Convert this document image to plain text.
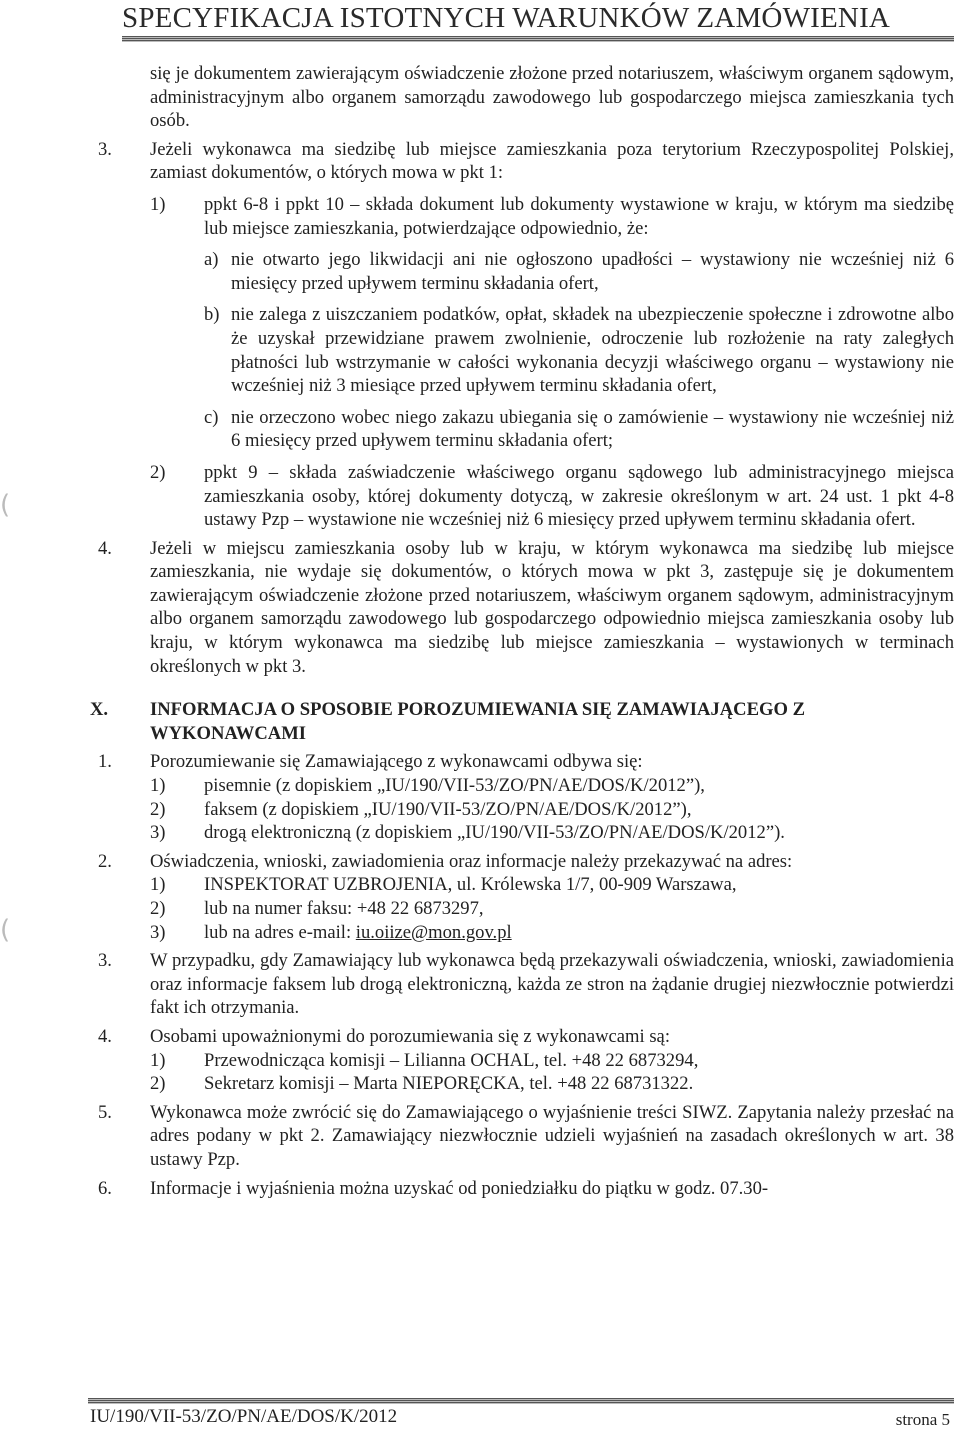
SPECYFIKACJA ISTOTNYCH WARUNKÓW ZAMÓWIENIA
(
(

się je dokumentem zawierającym oświadczenie złożone przed notariuszem, właściwym organem sądowym, administracyjnym albo organem samorządu zawodowego lub gospodarczego miejsca zamieszkania tych osób.

3. Jeżeli wykonawca ma siedzibę lub miejsce zamieszkania poza terytorium Rzeczypospolitej Polskiej, zamiast dokumentów, o których mowa w pkt 1:

1) ppkt 6-8 i ppkt 10 – składa dokument lub dokumenty wystawione w kraju, w którym ma siedzibę lub miejsce zamieszkania, potwierdzające odpowiednio, że:

a) nie otwarto jego likwidacji ani nie ogłoszono upadłości – wystawiony nie wcześniej niż 6 miesięcy przed upływem terminu składania ofert,

b) nie zalega z uiszczaniem podatków, opłat, składek na ubezpieczenie społeczne i zdrowotne albo że uzyskał przewidziane prawem zwolnienie, odroczenie lub rozłożenie na raty zaległych płatności lub wstrzymanie w całości wykonania decyzji właściwego organu – wystawiony nie wcześniej niż 3 miesiące przed upływem terminu składania ofert,

c) nie orzeczono wobec niego zakazu ubiegania się o zamówienie – wystawiony nie wcześniej niż 6 miesięcy przed upływem terminu składania ofert;

2) ppkt 9 – składa zaświadczenie właściwego organu sądowego lub administracyjnego miejsca zamieszkania osoby, której dokumenty dotyczą, w zakresie określonym w art. 24 ust. 1 pkt 4-8 ustawy Pzp – wystawione nie wcześniej niż 6 miesięcy przed upływem terminu składania ofert.

4. Jeżeli w miejscu zamieszkania osoby lub w kraju, w którym wykonawca ma siedzibę lub miejsce zamieszkania, nie wydaje się dokumentów, o których mowa w pkt 3, zastępuje się je dokumentem zawierającym oświadczenie złożone przed notariuszem, właściwym organem sądowym, administracyjnym albo organem samorządu zawodowego lub gospodarczego odpowiednio miejsca zamieszkania osoby lub kraju, w którym wykonawca ma siedzibę lub miejsce zamieszkania – wystawionych w terminach określonych w pkt 3.

X. INFORMACJA O SPOSOBIE POROZUMIEWANIA SIĘ ZAMAWIAJĄCEGO Z WYKONAWCAMI
1. Porozumiewanie się Zamawiającego z wykonawcami odbywa się:

1) pisemnie (z dopiskiem „IU/190/VII-53/ZO/PN/AE/DOS/K/2012”),

2) faksem (z dopiskiem „IU/190/VII-53/ZO/PN/AE/DOS/K/2012”),

3) drogą elektroniczną (z dopiskiem „IU/190/VII-53/ZO/PN/AE/DOS/K/2012”).

2. Oświadczenia, wnioski, zawiadomienia oraz informacje należy przekazywać na adres:

1) INSPEKTORAT UZBROJENIA, ul. Królewska 1/7, 00-909 Warszawa,

2) lub na numer faksu: +48 22 6873297,

3) lub na adres e-mail: iu.oiize@mon.gov.pl

3. W przypadku, gdy Zamawiający lub wykonawca będą przekazywali oświadczenia, wnioski, zawiadomienia oraz informacje faksem lub drogą elektroniczną, każda ze stron na żądanie drugiej niezwłocznie potwierdzi fakt ich otrzymania.

4. Osobami upoważnionymi do porozumiewania się z wykonawcami są:

1) Przewodnicząca komisji – Lilianna OCHAL, tel. +48 22 6873294,

2) Sekretarz komisji – Marta NIEPORĘCKA, tel. +48 22 68731322.

5. Wykonawca może zwrócić się do Zamawiającego o wyjaśnienie treści SIWZ. Zapytania należy przesłać na adres podany w pkt 2. Zamawiający niezwłocznie udzieli wyjaśnień na zasadach określonych w art. 38 ustawy Pzp.

6. Informacje i wyjaśnienia można uzyskać od poniedziałku do piątku w godz. 07.30-

IU/190/VII-53/ZO/PN/AE/DOS/K/2012	strona 5
